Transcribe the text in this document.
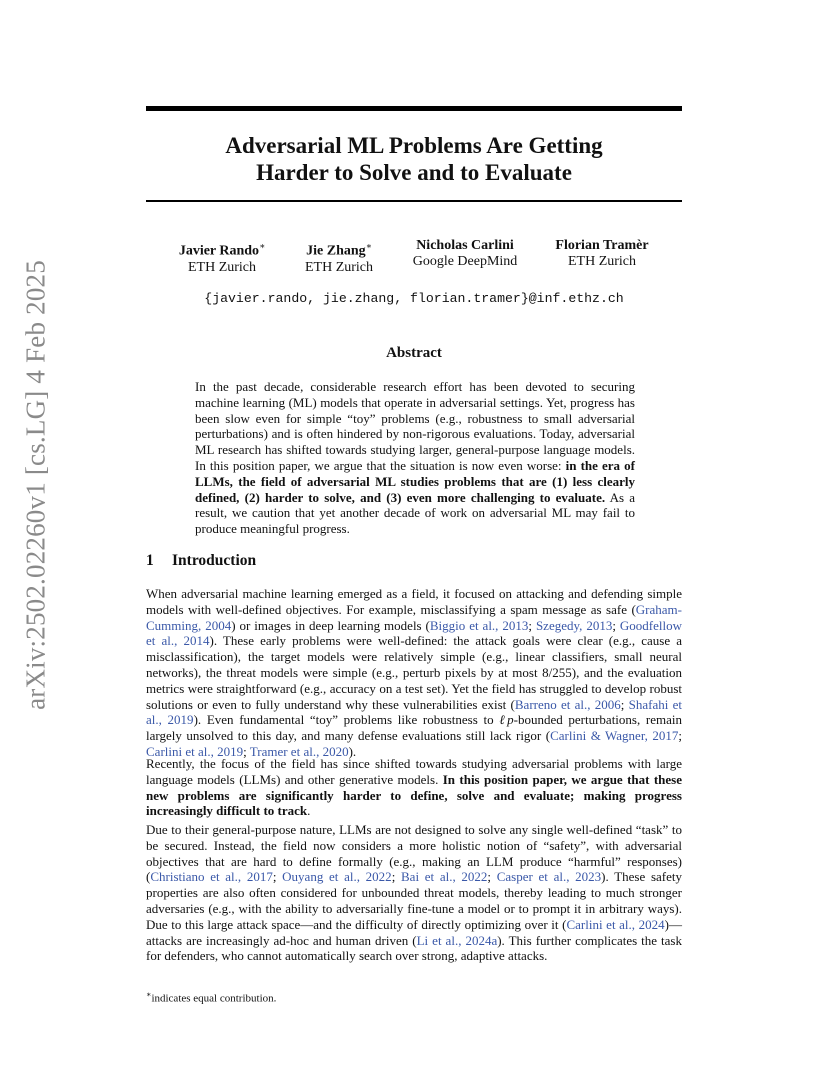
arXiv:2502.02260v1 [cs.LG] 4 Feb 2025
Adversarial ML Problems Are Getting
Harder to Solve and to Evaluate
Javier Rando∗
ETH Zurich
Jie Zhang∗
ETH Zurich
Nicholas Carlini
Google DeepMind
Florian Tramèr
ETH Zurich
{javier.rando, jie.zhang, florian.tramer}@inf.ethz.ch
Abstract
In the past decade, considerable research effort has been devoted to securing machine learning (ML) models that operate in adversarial settings. Yet, progress has been slow even for simple “toy” problems (e.g., robustness to small adversarial perturbations) and is often hindered by non-rigorous evaluations. Today, adversarial ML research has shifted towards studying larger, general-purpose language models. In this position paper, we argue that the situation is now even worse: in the era of LLMs, the field of adversarial ML studies problems that are (1) less clearly defined, (2) harder to solve, and (3) even more challenging to evaluate. As a result, we caution that yet another decade of work on adversarial ML may fail to produce meaningful progress.
1 Introduction
When adversarial machine learning emerged as a field, it focused on attacking and defending simple models with well-defined objectives. For example, misclassifying a spam message as safe (Graham-Cumming, 2004) or images in deep learning models (Biggio et al., 2013; Szegedy, 2013; Goodfellow et al., 2014). These early problems were well-defined: the attack goals were clear (e.g., cause a misclassification), the target models were relatively simple (e.g., linear classifiers, small neural networks), the threat models were simple (e.g., perturb pixels by at most 8/255), and the evaluation metrics were straightforward (e.g., accuracy on a test set). Yet the field has struggled to develop robust solutions or even to fully understand why these vulnerabilities exist (Barreno et al., 2006; Shafahi et al., 2019). Even fundamental “toy” problems like robustness to ℓp-bounded perturbations, remain largely unsolved to this day, and many defense evaluations still lack rigor (Carlini & Wagner, 2017; Carlini et al., 2019; Tramer et al., 2020).
Recently, the focus of the field has since shifted towards studying adversarial problems with large language models (LLMs) and other generative models. In this position paper, we argue that these new problems are significantly harder to define, solve and evaluate; making progress increasingly difficult to track.
Due to their general-purpose nature, LLMs are not designed to solve any single well-defined “task” to be secured. Instead, the field now considers a more holistic notion of “safety”, with adversarial objectives that are hard to define formally (e.g., making an LLM produce “harmful” responses) (Christiano et al., 2017; Ouyang et al., 2022; Bai et al., 2022; Casper et al., 2023). These safety properties are also often considered for unbounded threat models, thereby leading to much stronger adversaries (e.g., with the ability to adversarially fine-tune a model or to prompt it in arbitrary ways). Due to this large attack space—and the difficulty of directly optimizing over it (Carlini et al., 2024)—attacks are increasingly ad-hoc and human driven (Li et al., 2024a). This further complicates the task for defenders, who cannot automatically search over strong, adaptive attacks.
∗indicates equal contribution.
